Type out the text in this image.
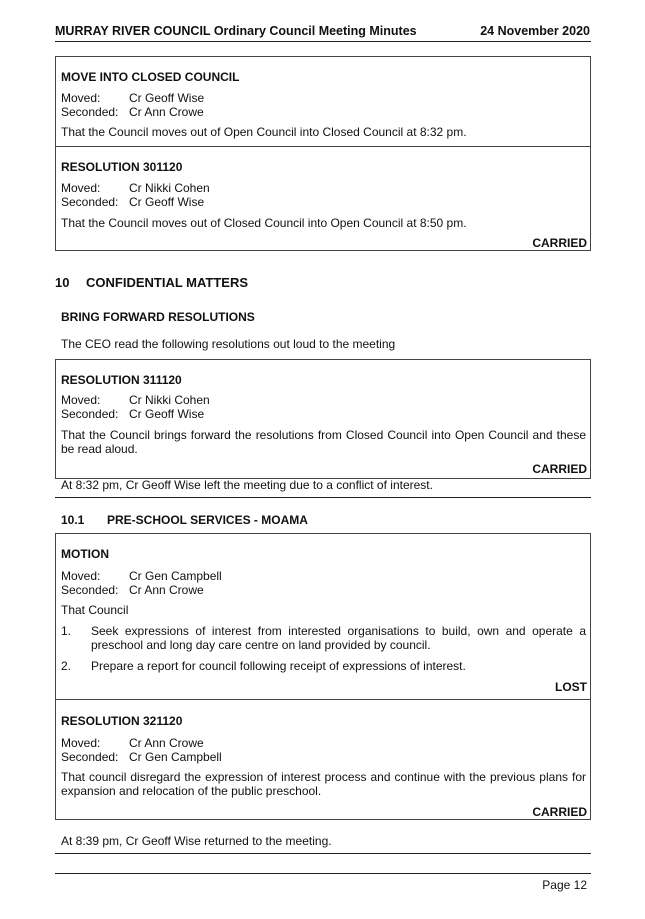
MURRAY RIVER COUNCIL Ordinary Council Meeting Minutes	24 November 2020
MOVE INTO CLOSED COUNCIL
Moved: Cr Geoff Wise
Seconded: Cr Ann Crowe
That the Council moves out of Open Council into Closed Council at 8:32 pm.
RESOLUTION 301120
Moved: Cr Nikki Cohen
Seconded: Cr Geoff Wise
That the Council moves out of Closed Council into Open Council at 8:50 pm.
CARRIED
10 CONFIDENTIAL MATTERS
BRING FORWARD RESOLUTIONS
The CEO read the following resolutions out loud to the meeting
RESOLUTION 311120
Moved: Cr Nikki Cohen
Seconded: Cr Geoff Wise
That the Council brings forward the resolutions from Closed Council into Open Council and these be read aloud.
CARRIED
At 8:32 pm, Cr Geoff Wise left the meeting due to a conflict of interest.
10.1 PRE-SCHOOL SERVICES - MOAMA
MOTION
Moved: Cr Gen Campbell
Seconded: Cr Ann Crowe
That Council
1. Seek expressions of interest from interested organisations to build, own and operate a preschool and long day care centre on land provided by council.
2. Prepare a report for council following receipt of expressions of interest.
LOST
RESOLUTION 321120
Moved: Cr Ann Crowe
Seconded: Cr Gen Campbell
That council disregard the expression of interest process and continue with the previous plans for expansion and relocation of the public preschool.
CARRIED
At 8:39 pm, Cr Geoff Wise returned to the meeting.
Page 12
